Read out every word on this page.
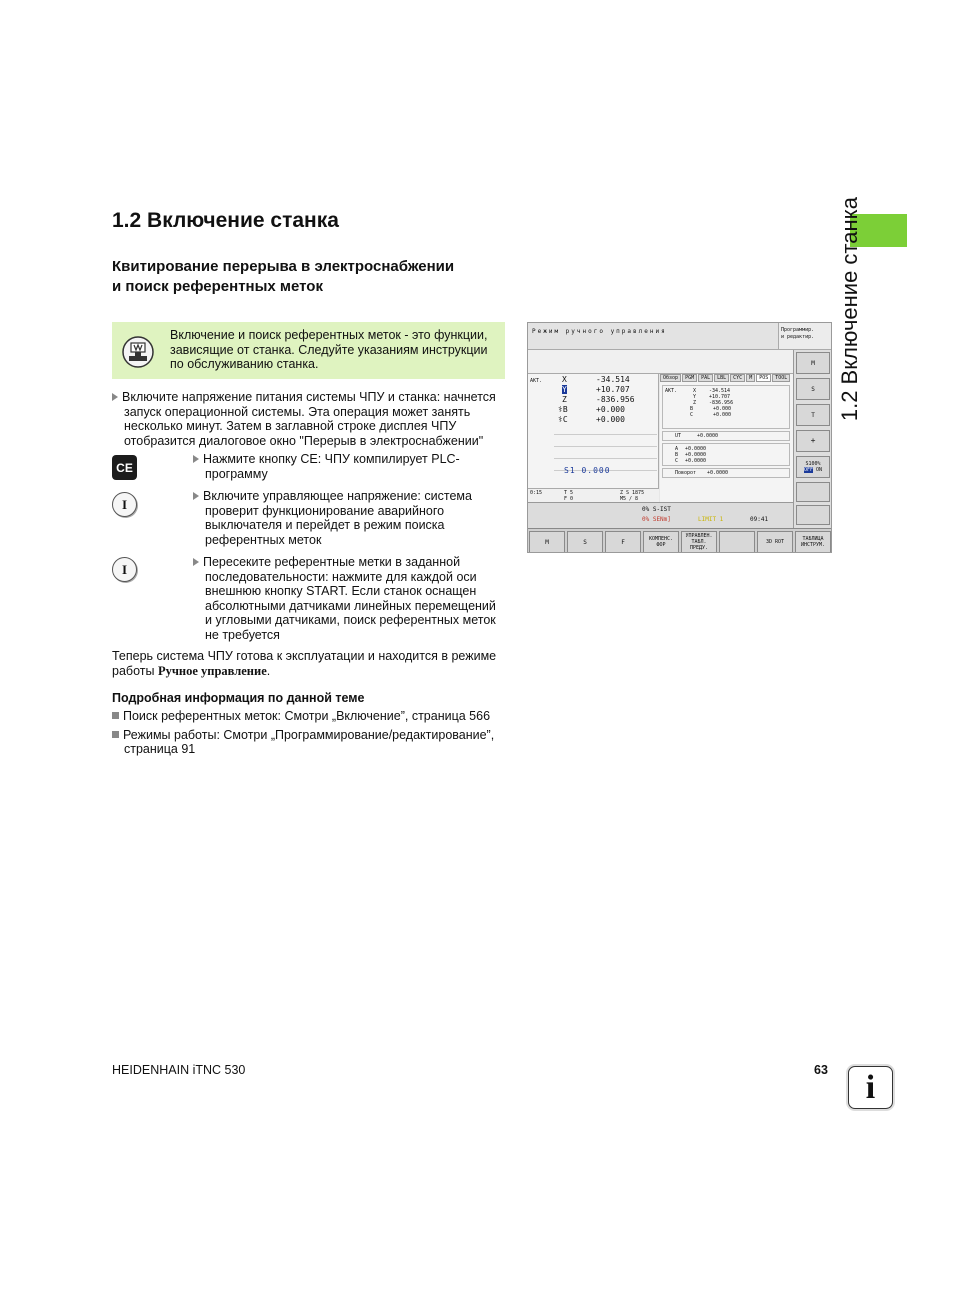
1.2 Включение станка
1.2 Включение станка
Квитирование перерыва в электроснабжении
и поиск референтных меток
Включение и поиск референтных меток - это функции,
зависящие от станка. Следуйте указаниям инструкции
по обслуживанию станка.
Включите напряжение питания системы ЧПУ и станка: начнется
запуск операционной системы. Эта операция может занять
несколько минут. Затем в заглавной строке дисплея ЧПУ
отобразится диалоговое окно "Перерыв в электроснабжении"
CE
I
I
Нажмите кнопку CE: ЧПУ компилирует PLC-
программу
Включите управляющее напряжение: система
проверит функционирование аварийного
выключателя и перейдет в режим поиска
референтных меток
Пересеките референтные метки в заданной
последовательности: нажмите для каждой оси
внешнюю кнопку START. Если станок оснащен
абсолютными датчиками линейных перемещений
и угловыми датчиками, поиск референтных меток
не требуется
Теперь система ЧПУ готова к эксплуатации и находится в режиме
работы Ручное управление.
Подробная информация по данной теме
Поиск референтных меток: Смотри „Включение”, страница 566
Режимы работы: Смотри „Программирование/редактирование”,
страница 91
Режим ручного управления	Программир.
и редактир.
АКТ. X	-34.514
Y	+10.707
Z	-836.956
⚕B	+0.000
⚕C	+0.000
S1 0.000
0:15	T 5	Z S 1875
F 0	M5 / 8
Обзор	PGM	PAL	LBL	CYC	M	POS	TOOL
АКТ.	X	-34.514
Y	+10.707
Z	-836.956
B	+0.000
C	+0.000
UT	+0.0000
A +0.0000
B +0.0000
C +0.0000
Поворот +0.0000
0% S-IST
0% SENm]	LIMIT 1	09:41
M
S
T
+
S100%
OFF ON
M	S	F	КОМПЕНС. ФОР
УПРАВЛЕН. ТАБЛ. ПРЕДУ.
3D ROT	ТАБЛИЦА ИНСТРУМ.
HEIDENHAIN iTNC 530	63	i
